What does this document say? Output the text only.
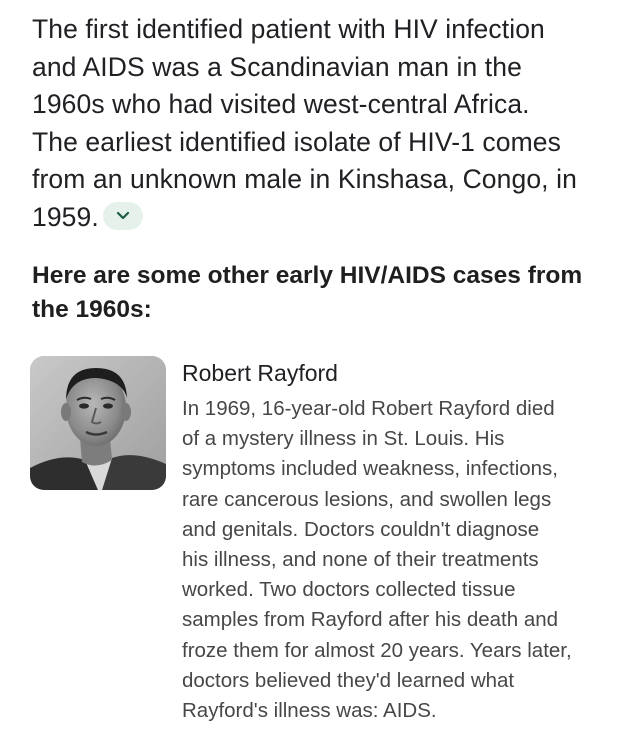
The first identified patient with HIV infection
and AIDS was a Scandinavian man in the
1960s who had visited west-central Africa.
The earliest identified isolate of HIV-1 comes
from an unknown male in Kinshasa, Congo, in
1959.
Here are some other early HIV/AIDS cases from
the 1960s:
Robert Rayford
In 1969, 16-year-old Robert Rayford died
of a mystery illness in St. Louis. His
symptoms included weakness, infections,
rare cancerous lesions, and swollen legs
and genitals. Doctors couldn't diagnose
his illness, and none of their treatments
worked. Two doctors collected tissue
samples from Rayford after his death and
froze them for almost 20 years. Years later,
doctors believed they'd learned what
Rayford's illness was: AIDS.
